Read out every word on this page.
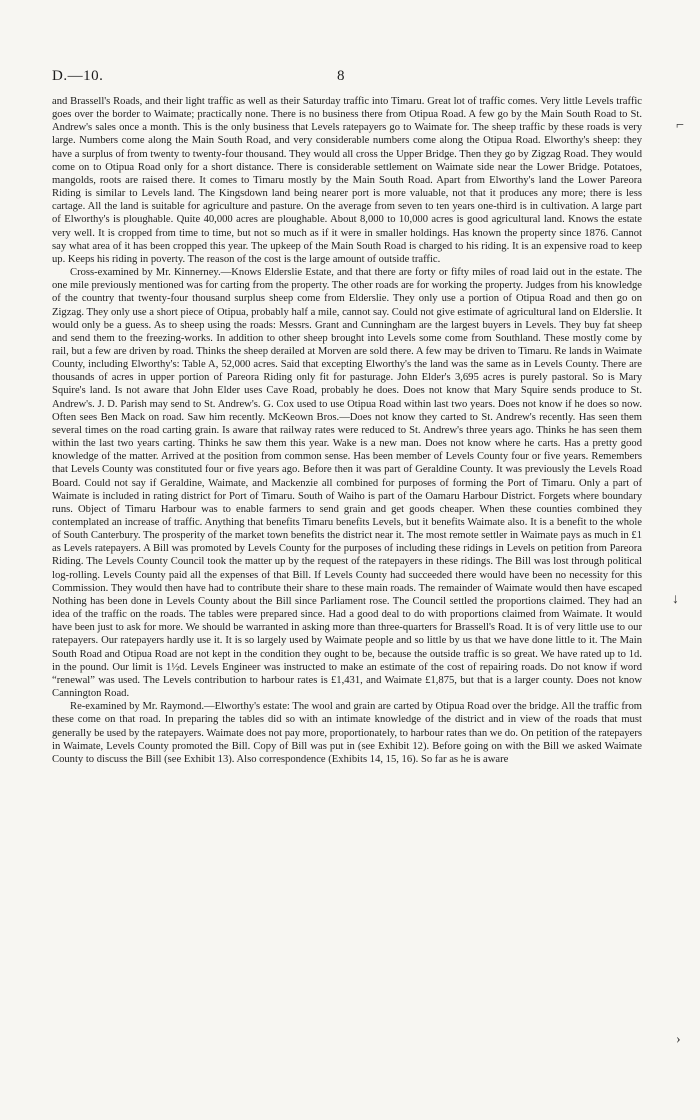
⌐
↓
›
D.—10.	8

and Brassell's Roads, and their light traffic as well as their Saturday traffic into Timaru. Great lot of traffic comes. Very little Levels traffic goes over the border to Waimate; practically none. There is no business there from Otipua Road. A few go by the Main South Road to St. Andrew's sales once a month. This is the only business that Levels ratepayers go to Waimate for. The sheep traffic by these roads is very large. Numbers come along the Main South Road, and very considerable numbers come along the Otipua Road. Elworthy's sheep: they have a surplus of from twenty to twenty-four thousand. They would all cross the Upper Bridge. Then they go by Zigzag Road. They would come on to Otipua Road only for a short distance. There is considerable settlement on Waimate side near the Lower Bridge. Potatoes, mangolds, roots are raised there. It comes to Timaru mostly by the Main South Road. Apart from Elworthy's land the Lower Pareora Riding is similar to Levels land. The Kingsdown land being nearer port is more valuable, not that it produces any more; there is less cartage. All the land is suitable for agriculture and pasture. On the average from seven to ten years one-third is in cultivation. A large part of Elworthy's is ploughable. Quite 40,000 acres are ploughable. About 8,000 to 10,000 acres is good agricultural land. Knows the estate very well. It is cropped from time to time, but not so much as if it were in smaller holdings. Has known the property since 1876. Cannot say what area of it has been cropped this year. The upkeep of the Main South Road is charged to his riding. It is an expensive road to keep up. Keeps his riding in poverty. The reason of the cost is the large amount of outside traffic.

Cross-examined by Mr. Kinnerney.—Knows Elderslie Estate, and that there are forty or fifty miles of road laid out in the estate. The one mile previously mentioned was for carting from the property. The other roads are for working the property. Judges from his knowledge of the country that twenty-four thousand surplus sheep come from Elderslie. They only use a portion of Otipua Road and then go on Zigzag. They only use a short piece of Otipua, probably half a mile, cannot say. Could not give estimate of agricultural land on Elderslie. It would only be a guess. As to sheep using the roads: Messrs. Grant and Cunningham are the largest buyers in Levels. They buy fat sheep and send them to the freezing-works. In addition to other sheep brought into Levels some come from Southland. These mostly come by rail, but a few are driven by road. Thinks the sheep derailed at Morven are sold there. A few may be driven to Timaru. Re lands in Waimate County, including Elworthy's: Table A, 52,000 acres. Said that excepting Elworthy's the land was the same as in Levels County. There are thousands of acres in upper portion of Pareora Riding only fit for pasturage. John Elder's 3,695 acres is purely pastoral. So is Mary Squire's land. Is not aware that John Elder uses Cave Road, probably he does. Does not know that Mary Squire sends produce to St. Andrew's. J. D. Parish may send to St. Andrew's. G. Cox used to use Otipua Road within last two years. Does not know if he does so now. Often sees Ben Mack on road. Saw him recently. McKeown Bros.—Does not know they carted to St. Andrew's recently. Has seen them several times on the road carting grain. Is aware that railway rates were reduced to St. Andrew's three years ago. Thinks he has seen them within the last two years carting. Thinks he saw them this year. Wake is a new man. Does not know where he carts. Has a pretty good knowledge of the matter. Arrived at the position from common sense. Has been member of Levels County four or five years. Remembers that Levels County was constituted four or five years ago. Before then it was part of Geraldine County. It was previously the Levels Road Board. Could not say if Geraldine, Waimate, and Mackenzie all combined for purposes of forming the Port of Timaru. Only a part of Waimate is included in rating district for Port of Timaru. South of Waiho is part of the Oamaru Harbour District. Forgets where boundary runs. Object of Timaru Harbour was to enable farmers to send grain and get goods cheaper. When these counties combined they contemplated an increase of traffic. Anything that benefits Timaru benefits Levels, but it benefits Waimate also. It is a benefit to the whole of South Canterbury. The prosperity of the market town benefits the district near it. The most remote settler in Waimate pays as much in £1 as Levels ratepayers. A Bill was promoted by Levels County for the purposes of including these ridings in Levels on petition from Pareora Riding. The Levels County Council took the matter up by the request of the ratepayers in these ridings. The Bill was lost through political log-rolling. Levels County paid all the expenses of that Bill. If Levels County had succeeded there would have been no necessity for this Commission. They would then have had to contribute their share to these main roads. The remainder of Waimate would then have escaped Nothing has been done in Levels County about the Bill since Parliament rose. The Council settled the proportions claimed. They had an idea of the traffic on the roads. The tables were prepared since. Had a good deal to do with proportions claimed from Waimate. It would have been just to ask for more. We should be warranted in asking more than three-quarters for Brassell's Road. It is of very little use to our ratepayers. Our ratepayers hardly use it. It is so largely used by Waimate people and so little by us that we have done little to it. The Main South Road and Otipua Road are not kept in the condition they ought to be, because the outside traffic is so great. We have rated up to 1d. in the pound. Our limit is 1½d. Levels Engineer was instructed to make an estimate of the cost of repairing roads. Do not know if word “renewal” was used. The Levels contribution to harbour rates is £1,431, and Waimate £1,875, but that is a larger county. Does not know Cannington Road.

Re-examined by Mr. Raymond.—Elworthy's estate: The wool and grain are carted by Otipua Road over the bridge. All the traffic from these come on that road. In preparing the tables did so with an intimate knowledge of the district and in view of the roads that must generally be used by the ratepayers. Waimate does not pay more, proportionately, to harbour rates than we do. On petition of the ratepayers in Waimate, Levels County promoted the Bill. Copy of Bill was put in (see Exhibit 12). Before going on with the Bill we asked Waimate County to discuss the Bill (see Exhibit 13). Also correspondence (Exhibits 14, 15, 16). So far as he is aware
